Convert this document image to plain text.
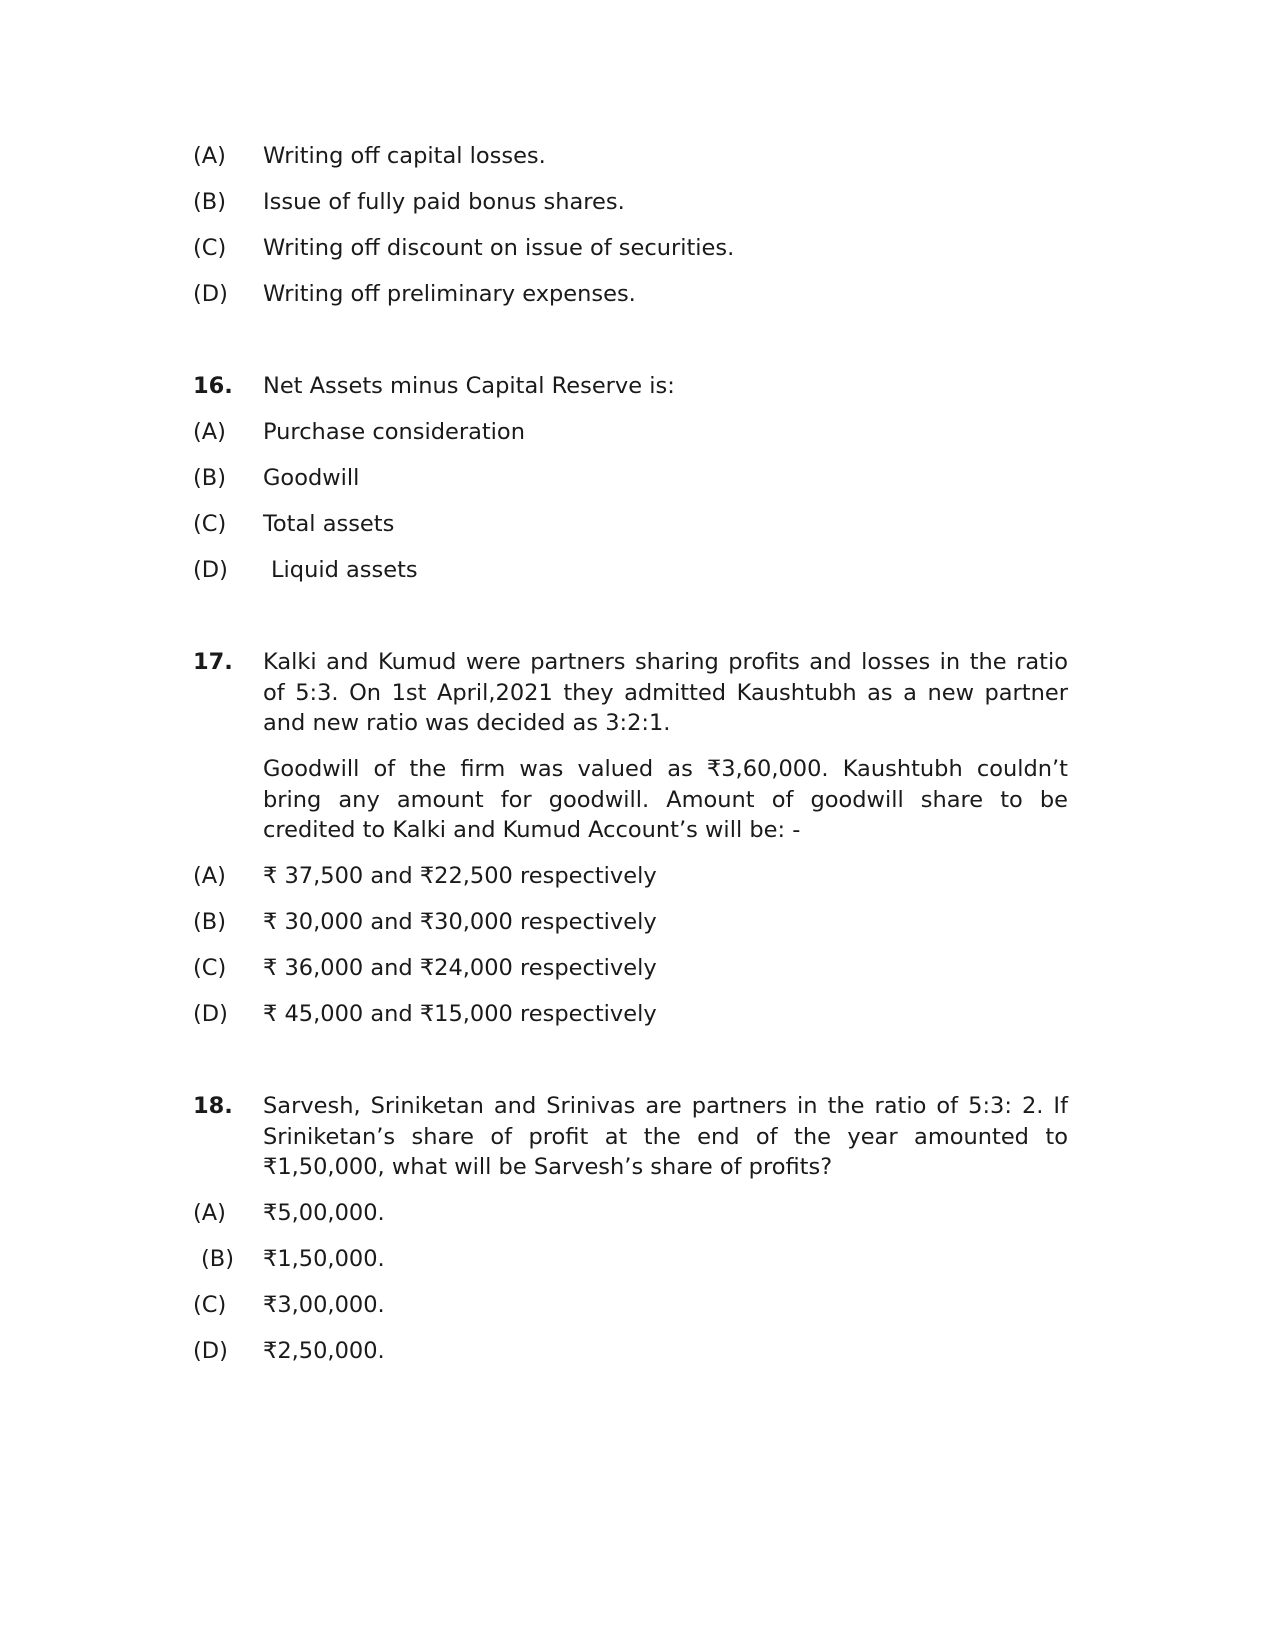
(A) Writing off capital losses.
(B) Issue of fully paid bonus shares.
(C) Writing off discount on issue of securities.
(D) Writing off preliminary expenses.
16. Net Assets minus Capital Reserve is:
(A) Purchase consideration
(B) Goodwill
(C) Total assets
(D) Liquid assets
17. Kalki and Kumud were partners sharing profits and losses in the ratio of 5:3. On 1st April,2021 they admitted Kaushtubh as a new partner and new ratio was decided as 3:2:1.
Goodwill of the firm was valued as ₹3,60,000. Kaushtubh couldn’t bring any amount for goodwill. Amount of goodwill share to be credited to Kalki and Kumud Account’s will be: -
(A) ₹ 37,500 and ₹22,500 respectively
(B) ₹ 30,000 and ₹30,000 respectively
(C) ₹ 36,000 and ₹24,000 respectively
(D) ₹ 45,000 and ₹15,000 respectively
18. Sarvesh, Sriniketan and Srinivas are partners in the ratio of 5:3: 2. If Sriniketan’s share of profit at the end of the year amounted to ₹1,50,000, what will be Sarvesh’s share of profits?
(A) ₹5,00,000.
(B) ₹1,50,000.
(C) ₹3,00,000.
(D) ₹2,50,000.
